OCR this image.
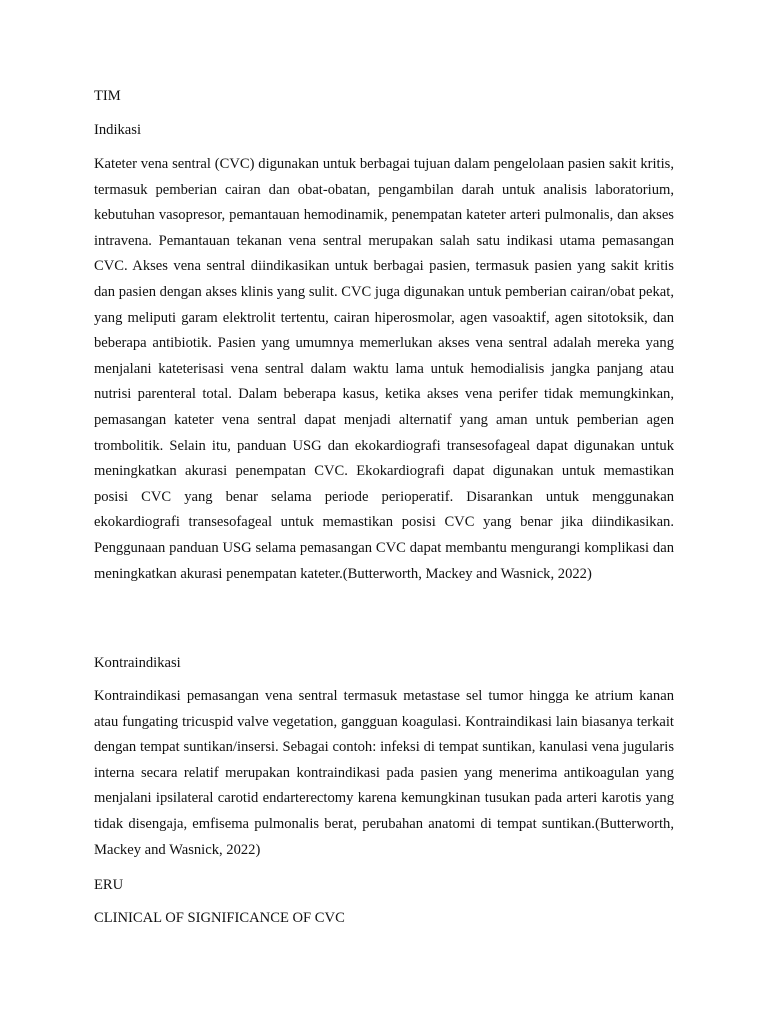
TIM
Indikasi

Kateter vena sentral (CVC) digunakan untuk berbagai tujuan dalam pengelolaan pasien sakit kritis, termasuk pemberian cairan dan obat-obatan, pengambilan darah untuk analisis laboratorium, kebutuhan vasopresor, pemantauan hemodinamik, penempatan kateter arteri pulmonalis, dan akses intravena. Pemantauan tekanan vena sentral merupakan salah satu indikasi utama pemasangan CVC. Akses vena sentral diindikasikan untuk berbagai pasien, termasuk pasien yang sakit kritis dan pasien dengan akses klinis yang sulit. CVC juga digunakan untuk pemberian cairan/obat pekat, yang meliputi garam elektrolit tertentu, cairan hiperosmolar, agen vasoaktif, agen sitotoksik, dan beberapa antibiotik. Pasien yang umumnya memerlukan akses vena sentral adalah mereka yang menjalani kateterisasi vena sentral dalam waktu lama untuk hemodialisis jangka panjang atau nutrisi parenteral total. Dalam beberapa kasus, ketika akses vena perifer tidak memungkinkan, pemasangan kateter vena sentral dapat menjadi alternatif yang aman untuk pemberian agen trombolitik. Selain itu, panduan USG dan ekokardiografi transesofageal dapat digunakan untuk meningkatkan akurasi penempatan CVC. Ekokardiografi dapat digunakan untuk memastikan posisi CVC yang benar selama periode perioperatif. Disarankan untuk menggunakan ekokardiografi transesofageal untuk memastikan posisi CVC yang benar jika diindikasikan. Penggunaan panduan USG selama pemasangan CVC dapat membantu mengurangi komplikasi dan meningkatkan akurasi penempatan kateter.(Butterworth, Mackey and Wasnick, 2022)

Kontraindikasi

Kontraindikasi pemasangan vena sentral termasuk metastase sel tumor hingga ke atrium kanan atau fungating tricuspid valve vegetation, gangguan koagulasi. Kontraindikasi lain biasanya terkait dengan tempat suntikan/insersi. Sebagai contoh: infeksi di tempat suntikan, kanulasi vena jugularis interna secara relatif merupakan kontraindikasi pada pasien yang menerima antikoagulan yang menjalani ipsilateral carotid endarterectomy karena kemungkinan tusukan pada arteri karotis yang tidak disengaja, emfisema pulmonalis berat, perubahan anatomi di tempat suntikan.(Butterworth, Mackey and Wasnick, 2022)

ERU
CLINICAL OF SIGNIFICANCE OF CVC
